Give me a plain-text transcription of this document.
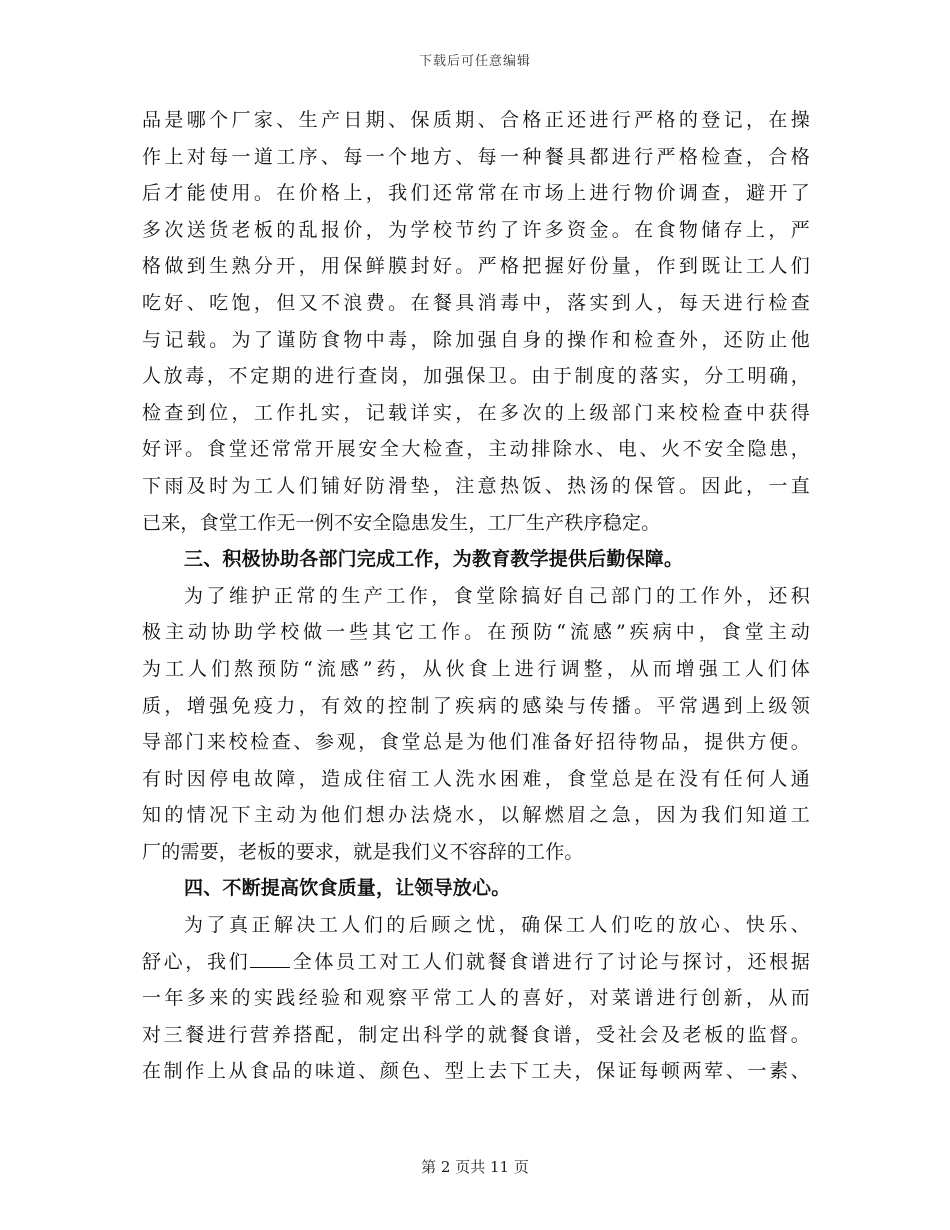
下载后可任意编辑
品是哪个厂家、生产日期、保质期、合格正还进行严格的登记，在操
作上对每一道工序、每一个地方、每一种餐具都进行严格检查，合格
后才能使用。在价格上，我们还常常在市场上进行物价调查，避开了
多次送货老板的乱报价，为学校节约了许多资金。在食物储存上，严
格做到生熟分开，用保鲜膜封好。严格把握好份量，作到既让工人们
吃好、吃饱，但又不浪费。在餐具消毒中，落实到人，每天进行检查
与记载。为了谨防食物中毒，除加强自身的操作和检查外，还防止他
人放毒，不定期的进行查岗，加强保卫。由于制度的落实，分工明确，
检查到位，工作扎实，记载详实，在多次的上级部门来校检查中获得
好评。食堂还常常开展安全大检查，主动排除水、电、火不安全隐患，
下雨及时为工人们铺好防滑垫，注意热饭、热汤的保管。因此，一直
已来，食堂工作无一例不安全隐患发生，工厂生产秩序稳定。
三、积极协助各部门完成工作，为教育教学提供后勤保障。
为了维护正常的生产工作，食堂除搞好自己部门的工作外，还积
极主动协助学校做一些其它工作。在预防“流感”疾病中，食堂主动
为工人们熬预防“流感”药，从伙食上进行调整，从而增强工人们体
质，增强免疫力，有效的控制了疾病的感染与传播。平常遇到上级领
导部门来校检查、参观，食堂总是为他们准备好招待物品，提供方便。
有时因停电故障，造成住宿工人洗水困难，食堂总是在没有任何人通
知的情况下主动为他们想办法烧水，以解燃眉之急，因为我们知道工
厂的需要，老板的要求，就是我们义不容辞的工作。
四、不断提高饮食质量，让领导放心。
为了真正解决工人们的后顾之忧，确保工人们吃的放心、快乐、
舒心，我们 全体员工对工人们就餐食谱进行了讨论与探讨，还根据
一年多来的实践经验和观察平常工人的喜好，对菜谱进行创新，从而
对三餐进行营养搭配，制定出科学的就餐食谱，受社会及老板的监督。
在制作上从食品的味道、颜色、型上去下工夫，保证每顿两荤、一素、
第 2 页共 11 页
